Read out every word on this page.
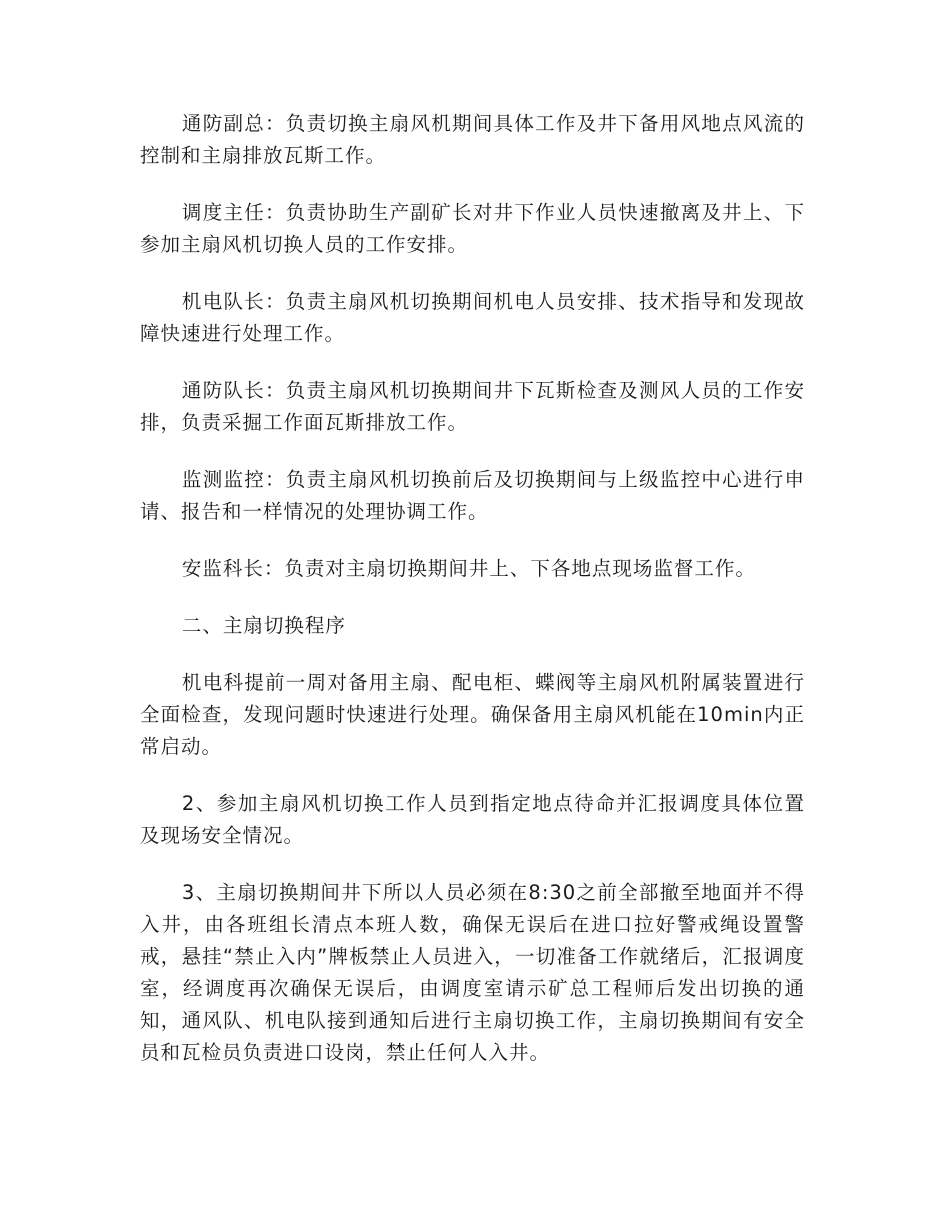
通防副总：负责切换主扇风机期间具体工作及井下备用风地点风流的控制和主扇排放瓦斯工作。

调度主任：负责协助生产副矿长对井下作业人员快速撤离及井上、下参加主扇风机切换人员的工作安排。

机电队长：负责主扇风机切换期间机电人员安排、技术指导和发现故障快速进行处理工作。

通防队长：负责主扇风机切换期间井下瓦斯检查及测风人员的工作安排，负责采掘工作面瓦斯排放工作。

监测监控：负责主扇风机切换前后及切换期间与上级监控中心进行申请、报告和一样情况的处理协调工作。

安监科长：负责对主扇切换期间井上、下各地点现场监督工作。

二、主扇切换程序

机电科提前一周对备用主扇、配电柜、蝶阀等主扇风机附属装置进行全面检查，发现问题时快速进行处理。确保备用主扇风机能在10min内正常启动。

2、参加主扇风机切换工作人员到指定地点待命并汇报调度具体位置及现场安全情况。

3、主扇切换期间井下所以人员必须在8:30之前全部撤至地面并不得入井，由各班组长清点本班人数，确保无误后在进口拉好警戒绳设置警戒，悬挂“禁止入内”牌板禁止人员进入，一切准备工作就绪后，汇报调度室，经调度再次确保无误后，由调度室请示矿总工程师后发出切换的通知，通风队、机电队接到通知后进行主扇切换工作，主扇切换期间有安全员和瓦检员负责进口设岗，禁止任何人入井。
